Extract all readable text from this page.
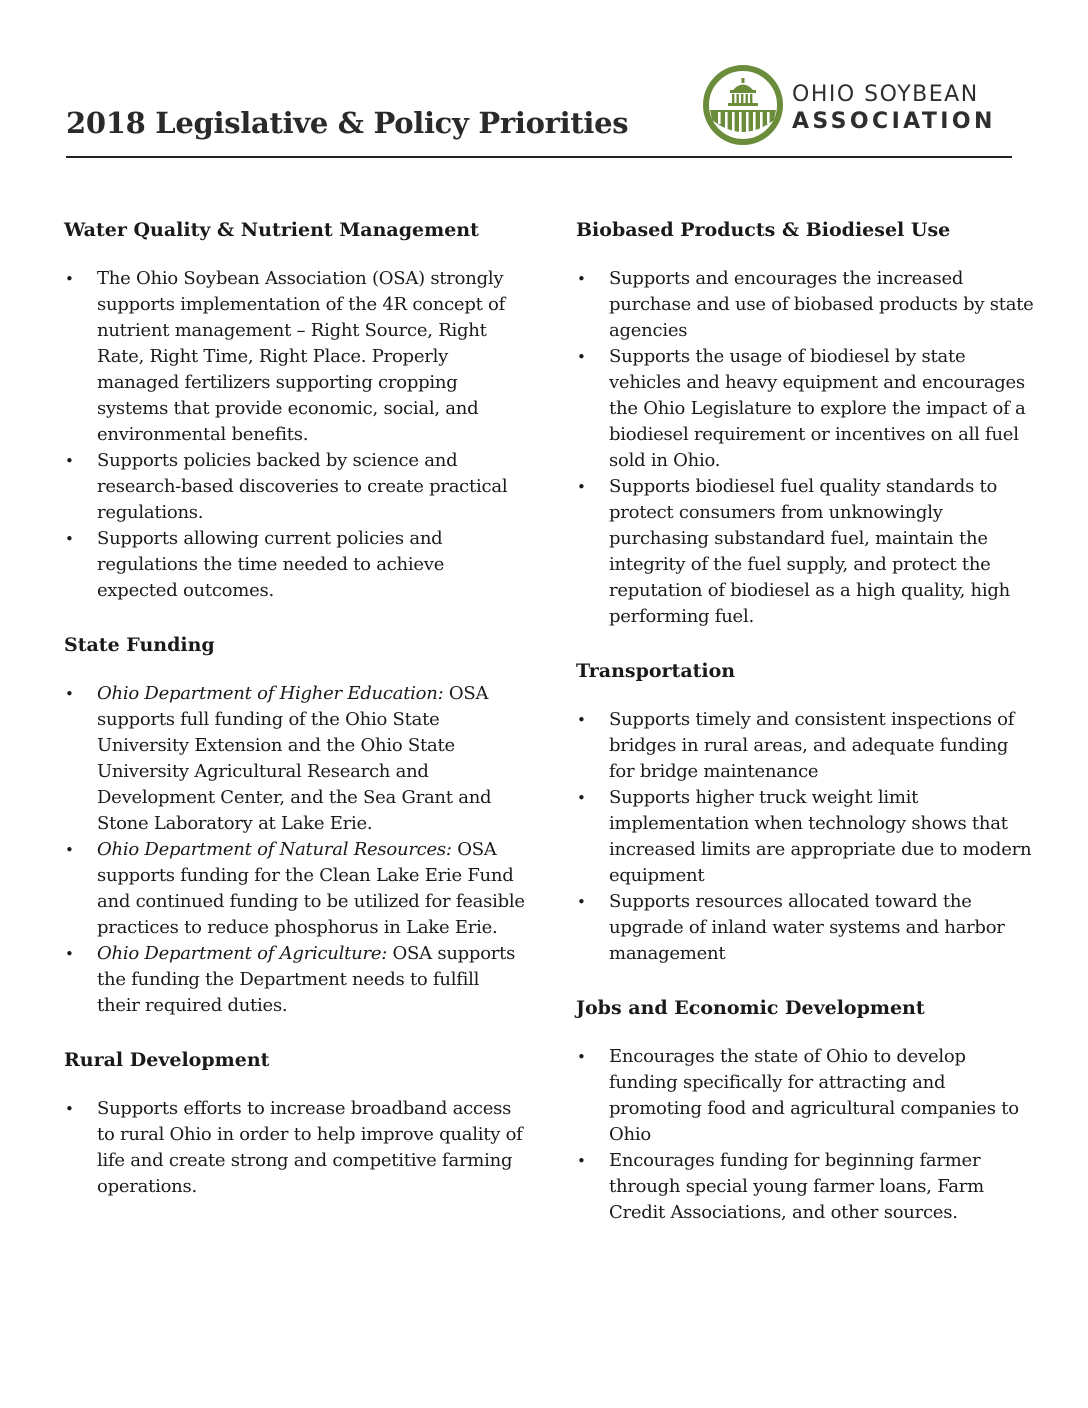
2018 Legislative & Policy Priorities
OHIO SOYBEAN
ASSOCIATION
Water Quality & Nutrient Management
• The Ohio Soybean Association (OSA) strongly supports implementation of the 4R concept of nutrient management – Right Source, Right Rate, Right Time, Right Place. Properly managed fertilizers supporting cropping systems that provide economic, social, and environmental benefits.
• Supports policies backed by science and research-based discoveries to create practical regulations.
• Supports allowing current policies and regulations the time needed to achieve expected outcomes.
State Funding
• Ohio Department of Higher Education: OSA supports full funding of the Ohio State University Extension and the Ohio State University Agricultural Research and Development Center, and the Sea Grant and Stone Laboratory at Lake Erie.
• Ohio Department of Natural Resources: OSA supports funding for the Clean Lake Erie Fund and continued funding to be utilized for feasible practices to reduce phosphorus in Lake Erie.
• Ohio Department of Agriculture: OSA supports the funding the Department needs to fulfill their required duties.
Rural Development
• Supports efforts to increase broadband access to rural Ohio in order to help improve quality of life and create strong and competitive farming operations.
Biobased Products & Biodiesel Use
• Supports and encourages the increased purchase and use of biobased products by state agencies
• Supports the usage of biodiesel by state vehicles and heavy equipment and encourages the Ohio Legislature to explore the impact of a biodiesel requirement or incentives on all fuel sold in Ohio.
• Supports biodiesel fuel quality standards to protect consumers from unknowingly purchasing substandard fuel, maintain the integrity of the fuel supply, and protect the reputation of biodiesel as a high quality, high performing fuel.
Transportation
• Supports timely and consistent inspections of bridges in rural areas, and adequate funding for bridge maintenance
• Supports higher truck weight limit implementation when technology shows that increased limits are appropriate due to modern equipment
• Supports resources allocated toward the upgrade of inland water systems and harbor management
Jobs and Economic Development
• Encourages the state of Ohio to develop funding specifically for attracting and promoting food and agricultural companies to Ohio
• Encourages funding for beginning farmer through special young farmer loans, Farm Credit Associations, and other sources.
